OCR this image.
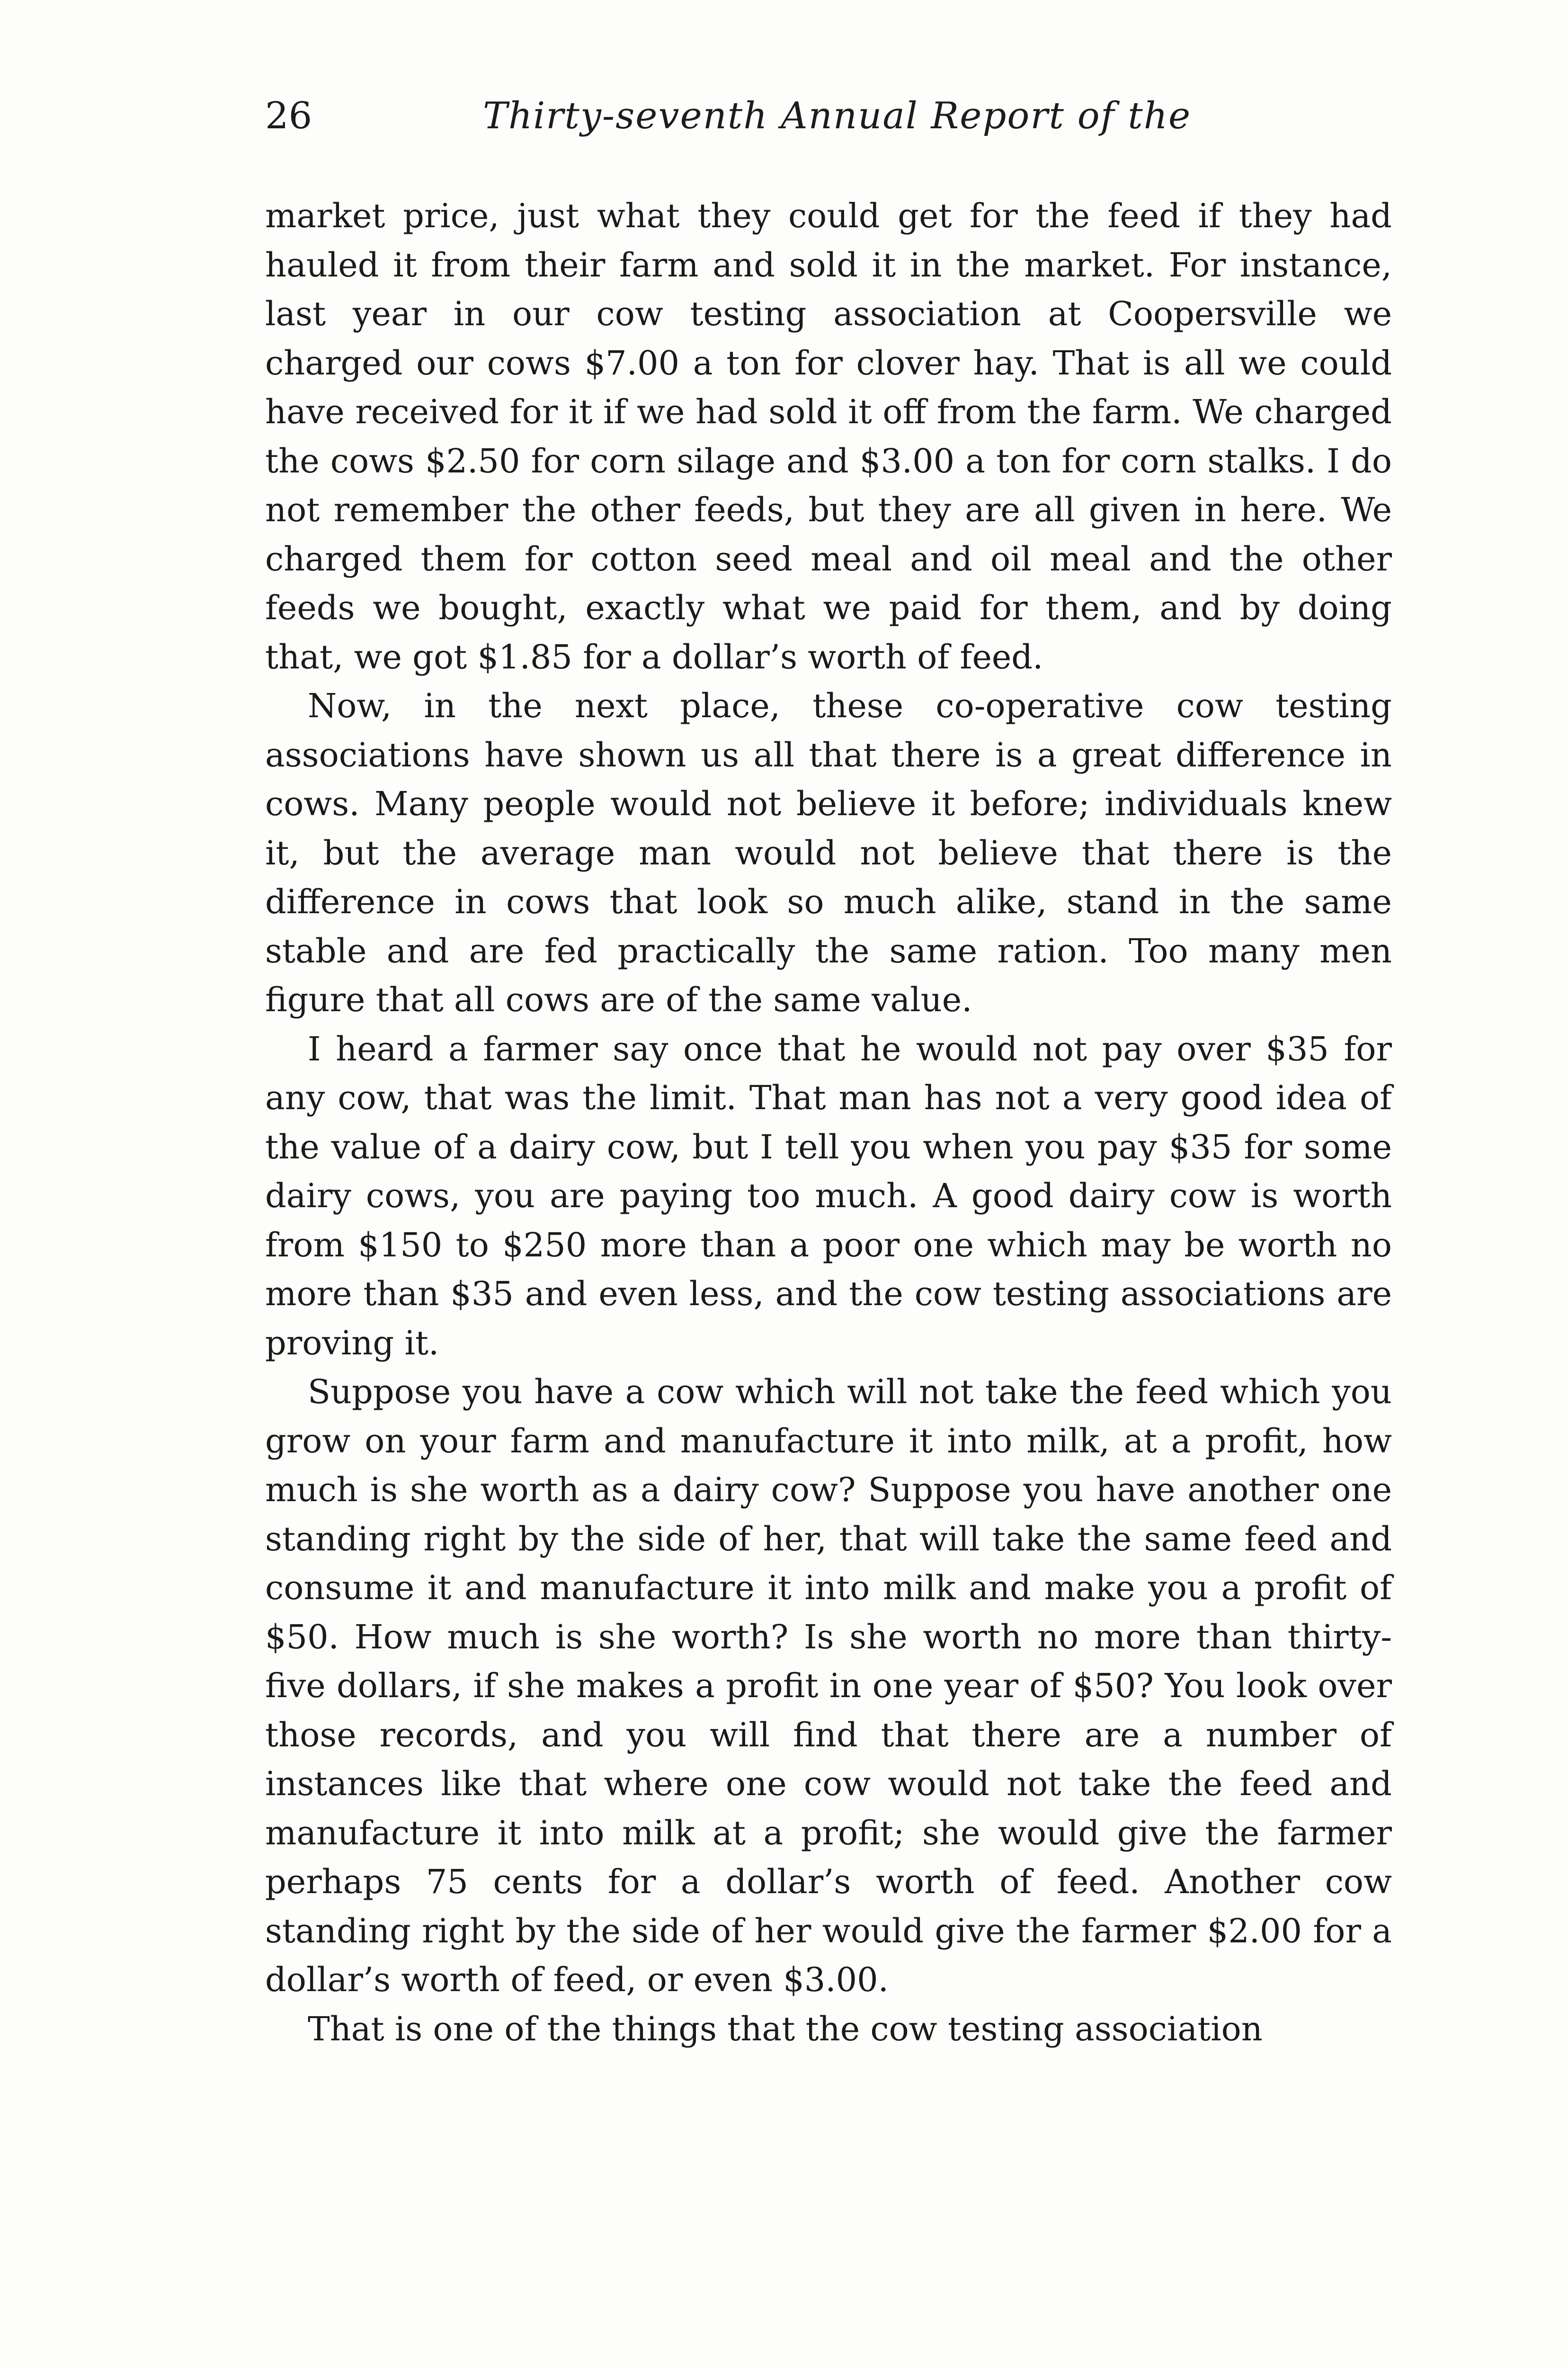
26	Thirty-seventh Annual Report of the

market price, just what they could get for the feed if they had hauled it from their farm and sold it in the market. For instance, last year in our cow testing association at Coopersville we charged our cows $7.00 a ton for clover hay. That is all we could have received for it if we had sold it off from the farm. We charged the cows $2.50 for corn silage and $3.00 a ton for corn stalks. I do not remember the other feeds, but they are all given in here. We charged them for cotton seed meal and oil meal and the other feeds we bought, exactly what we paid for them, and by doing that, we got $1.85 for a dollar’s worth of feed.

Now, in the next place, these co-operative cow testing associations have shown us all that there is a great difference in cows. Many people would not believe it before; individuals knew it, but the average man would not believe that there is the difference in cows that look so much alike, stand in the same stable and are fed practically the same ration. Too many men figure that all cows are of the same value.

I heard a farmer say once that he would not pay over $35 for any cow, that was the limit. That man has not a very good idea of the value of a dairy cow, but I tell you when you pay $35 for some dairy cows, you are paying too much. A good dairy cow is worth from $150 to $250 more than a poor one which may be worth no more than $35 and even less, and the cow testing associations are proving it.

Suppose you have a cow which will not take the feed which you grow on your farm and manufacture it into milk, at a profit, how much is she worth as a dairy cow? Suppose you have another one standing right by the side of her, that will take the same feed and consume it and manufacture it into milk and make you a profit of $50. How much is she worth? Is she worth no more than thirty-five dollars, if she makes a profit in one year of $50? You look over those records, and you will find that there are a number of instances like that where one cow would not take the feed and manufacture it into milk at a profit; she would give the farmer perhaps 75 cents for a dollar’s worth of feed. Another cow standing right by the side of her would give the farmer $2.00 for a dollar’s worth of feed, or even $3.00.

That is one of the things that the cow testing association
